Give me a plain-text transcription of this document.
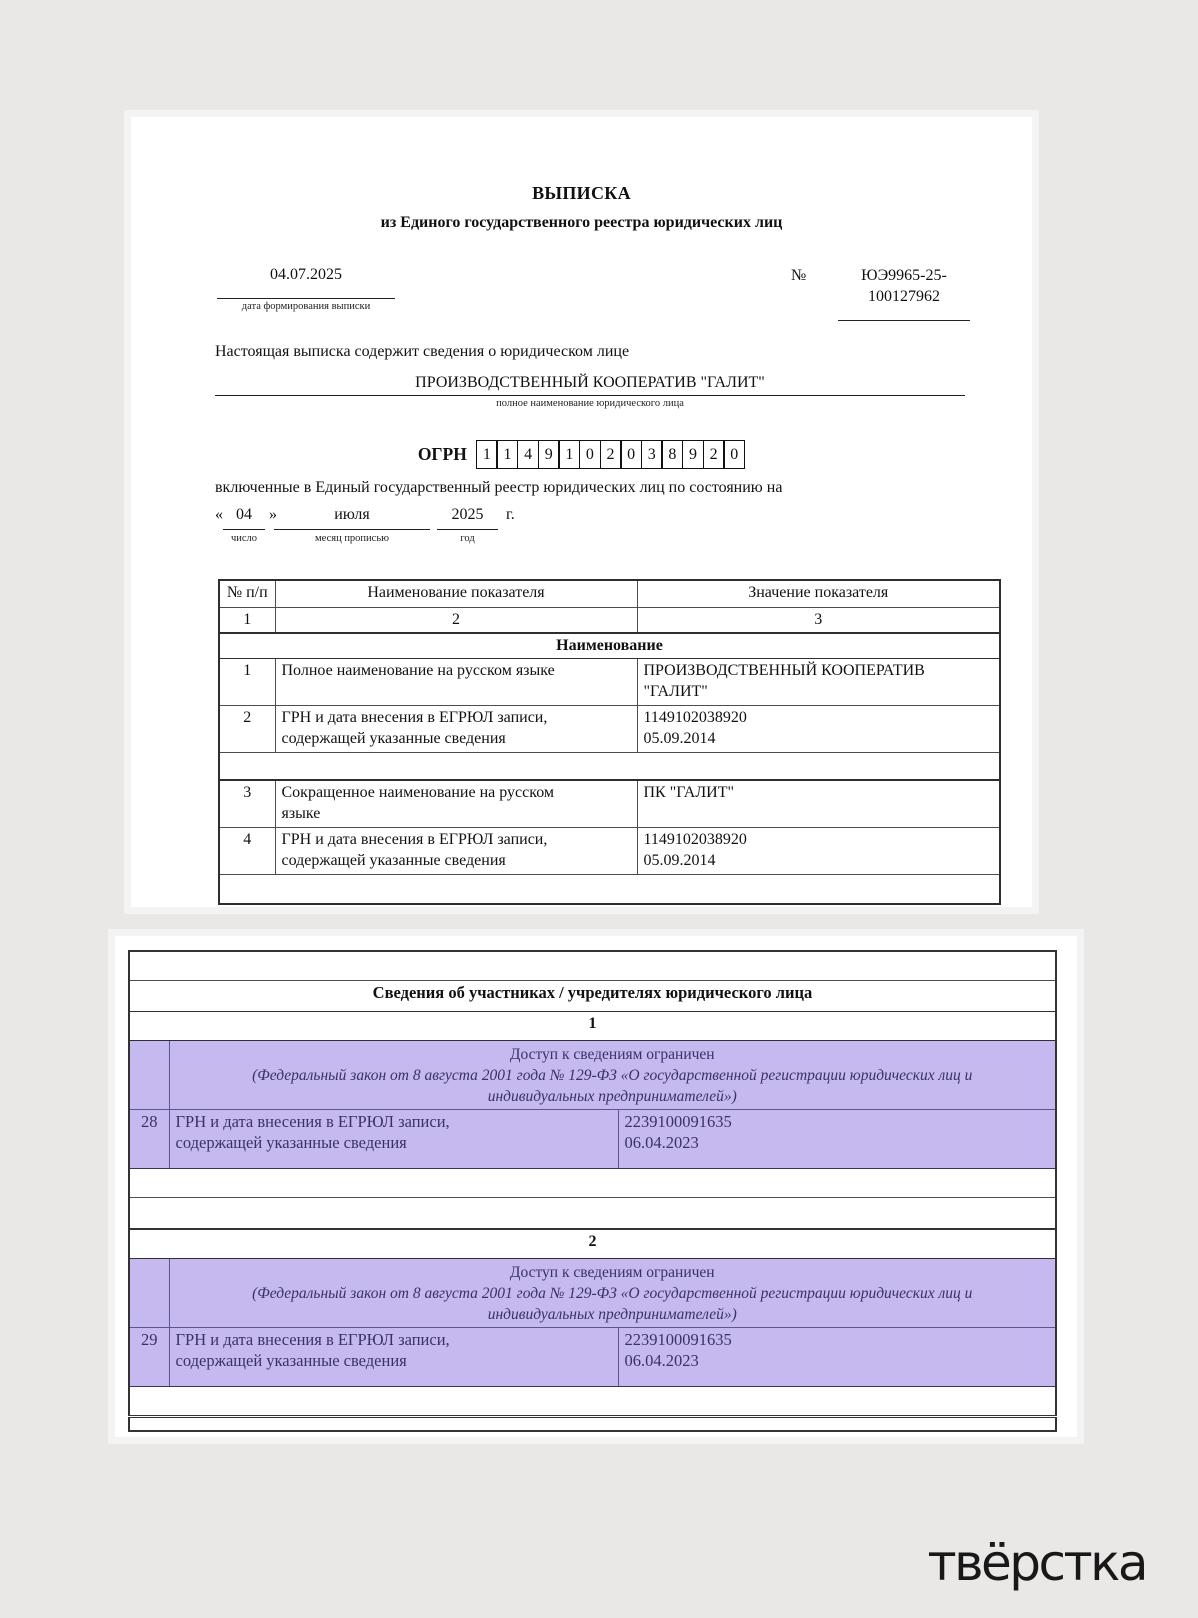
ВЫПИСКА
из Единого государственного реестра юридических лиц
04.07.2025
дата формирования выписки
№	ЮЭ9965-25-
100127962
Настоящая выписка содержит сведения о юридическом лице
ПРОИЗВОДСТВЕННЫЙ КООПЕРАТИВ "ГАЛИТ"
полное наименование юридического лица
ОГРН 1 1 4 9 1 0 2 0 3 8 9 2 0
включенные в Единый государственный реестр юридических лиц по состоянию на
« 04	»	июля	2025	г.
число	месяц прописью	год
№ п/п	Наименование показателя	Значение показателя
1	2	3
Наименование		
1	Полное наименование на русском языке	ПРОИЗВОДСТВЕННЫЙ КООПЕРАТИВ "ГАЛИТ"
2	ГРН и дата внесения в ЕГРЮЛ записи,
содержащей указанные сведения	1149102038920
05.09.2014

3	Сокращенное наименование на русском
языке	ПК "ГАЛИТ"
4	ГРН и дата внесения в ЕГРЮЛ записи,
содержащей указанные сведения	1149102038920
05.09.2014

Сведения об участниках / учредителях юридического лица		
1		

	Доступ к сведениям ограничен
(Федеральный закон от 8 августа 2001 года № 129-ФЗ «О государственной регистрации юридических лиц и индивидуальных предпринимателей»)	

28	ГРН и дата внесения в ЕГРЮЛ записи,
содержащей указанные сведения	2239100091635
06.04.2023

2		

	Доступ к сведениям ограничен
(Федеральный закон от 8 августа 2001 года № 129-ФЗ «О государственной регистрации юридических лиц и индивидуальных предпринимателей»)	

29	ГРН и дата внесения в ЕГРЮЛ записи,
содержащей указанные сведения	2239100091635
06.04.2023

твёрстка
